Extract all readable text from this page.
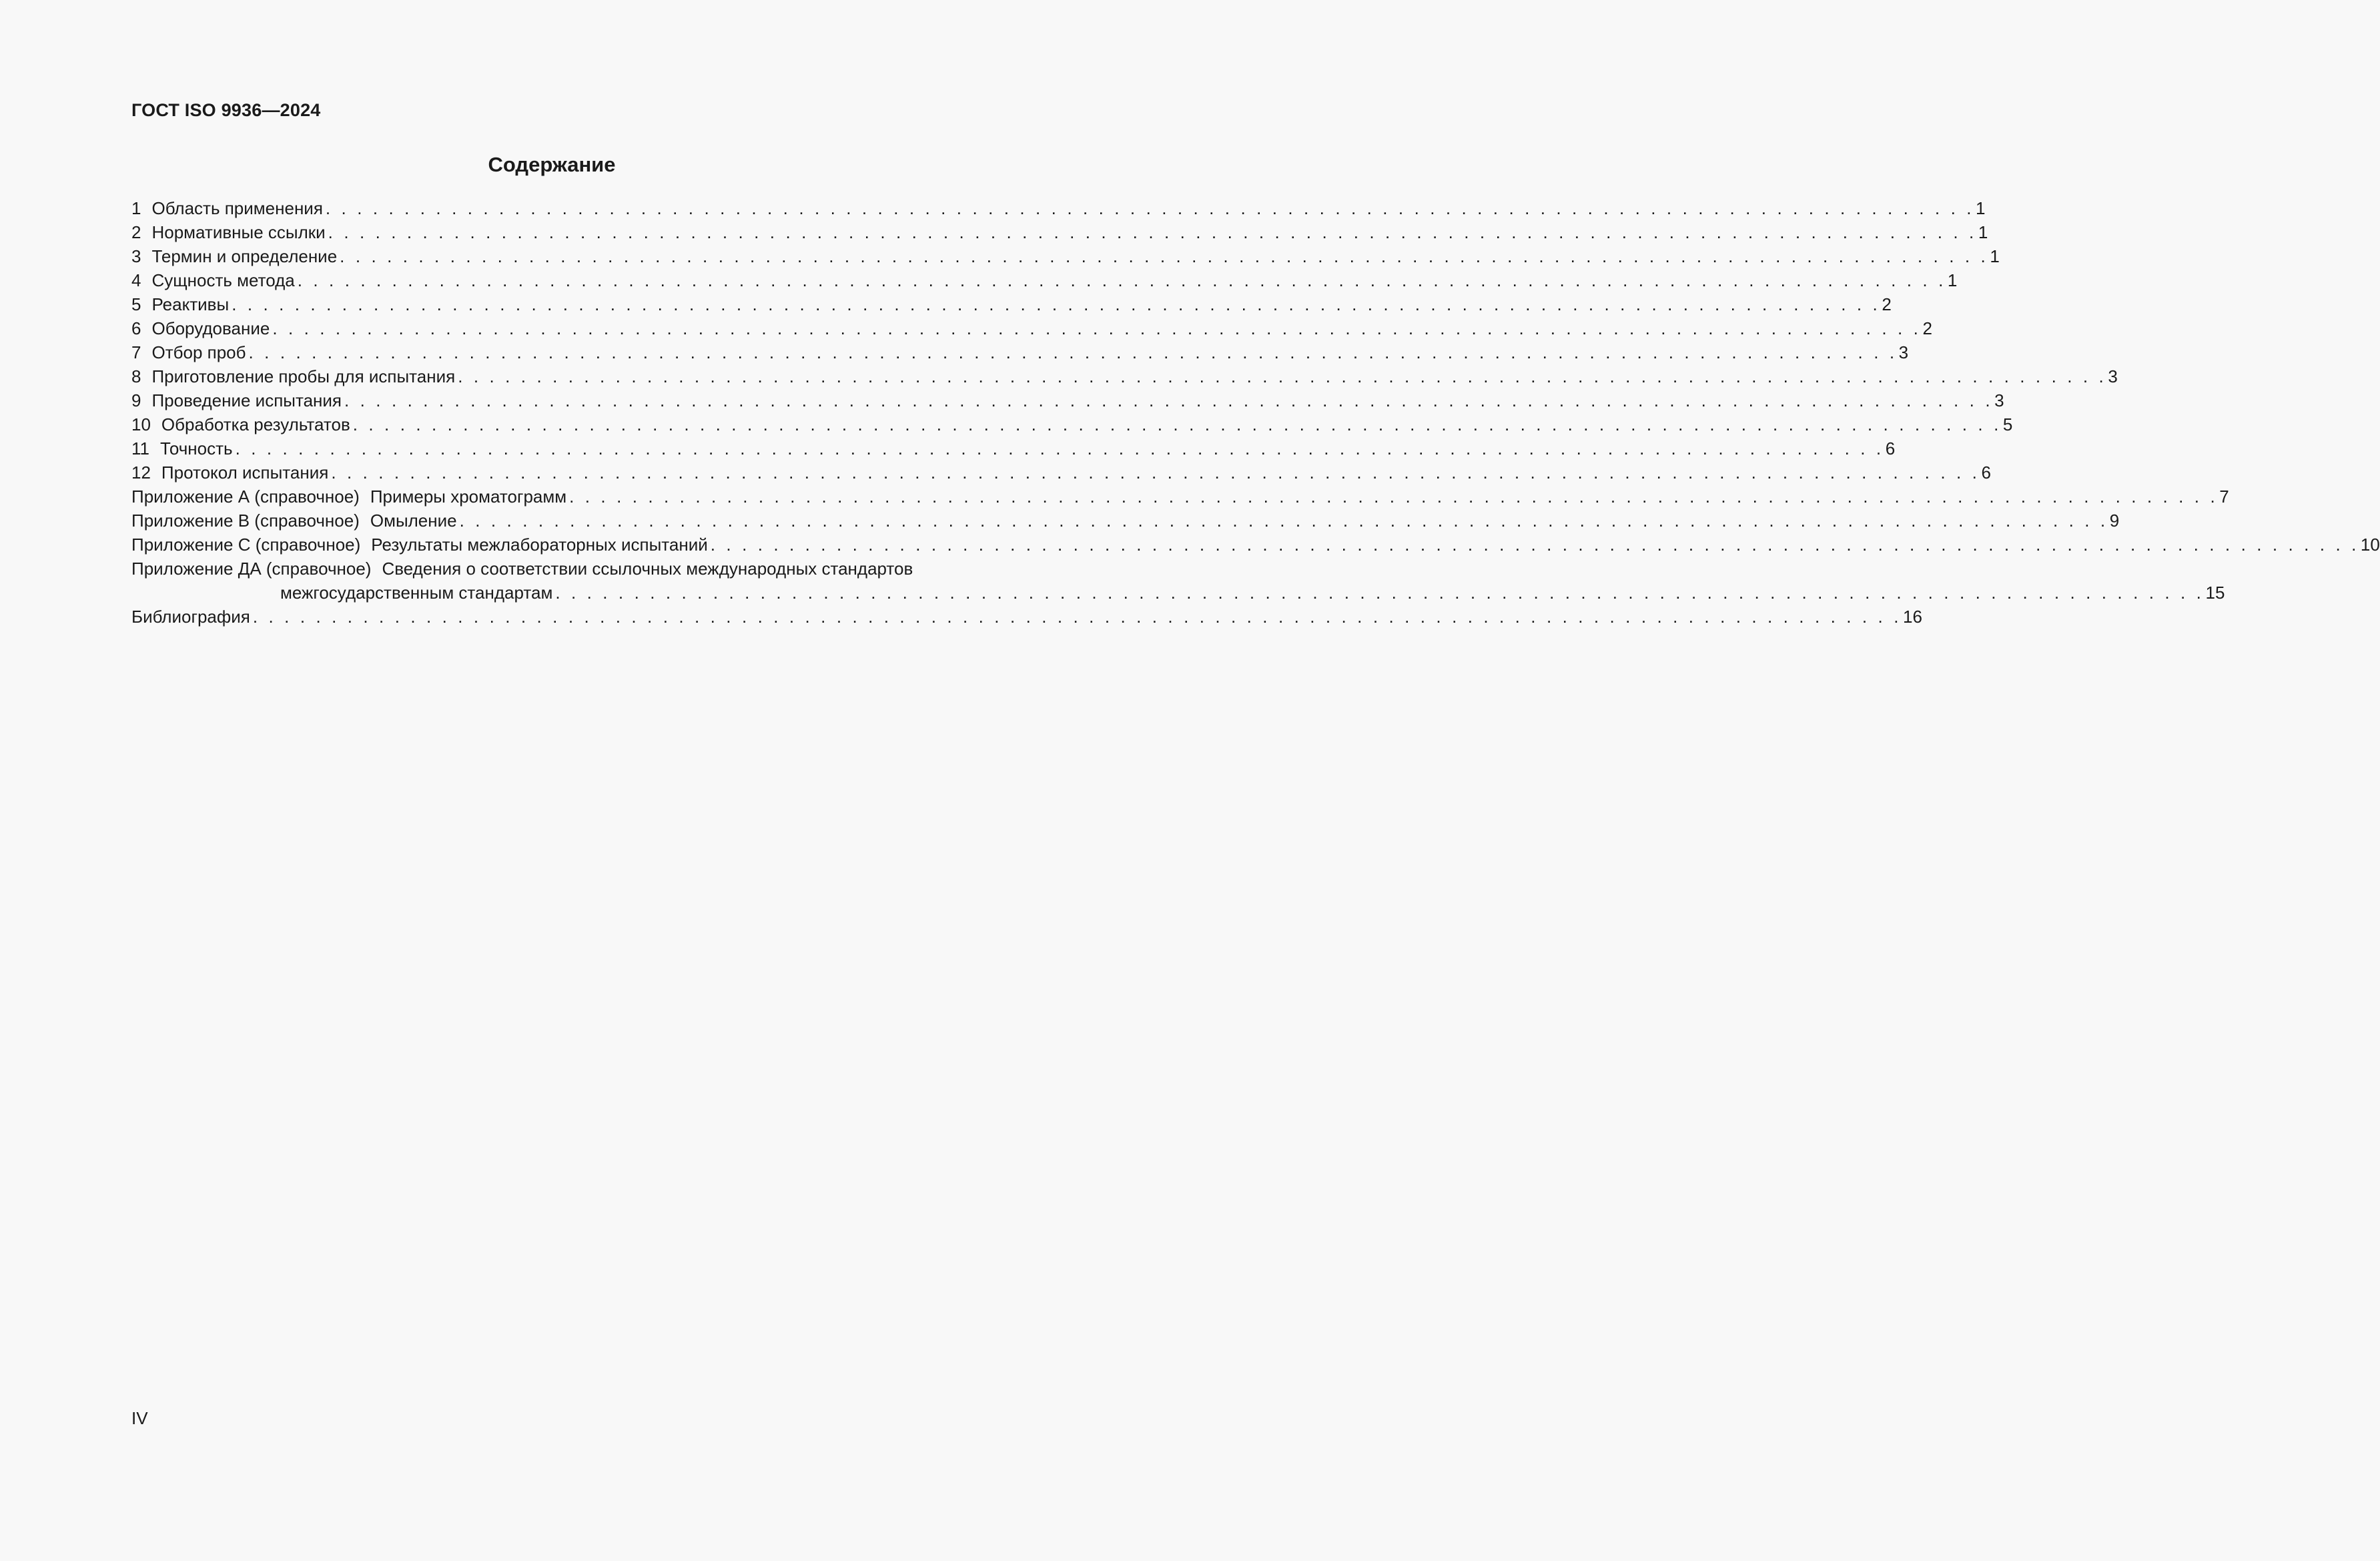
ГОСТ ISO 9936—2024
Содержание
1 Область применения . . . . . . . . . . . . . . . . . . . . . . . . . . . . . . . . . . . . . . . . . . . . . . . . . . . . . . . . . . . . . . . . . . . . . . . . . . . . . . . . . . . . . . . . . . . . . . . . . . . . . . . . . 1
2 Нормативные ссылки . . . . . . . . . . . . . . . . . . . . . . . . . . . . . . . . . . . . . . . . . . . . . . . . . . . . . . . . . . . . . . . . . . . . . . . . . . . . . . . . . . . . . . . . . . . . . . . . . . . . . . . . . 1
3 Термин и определение . . . . . . . . . . . . . . . . . . . . . . . . . . . . . . . . . . . . . . . . . . . . . . . . . . . . . . . . . . . . . . . . . . . . . . . . . . . . . . . . . . . . . . . . . . . . . . . . . . . . . . . . . 1
4 Сущность метода . . . . . . . . . . . . . . . . . . . . . . . . . . . . . . . . . . . . . . . . . . . . . . . . . . . . . . . . . . . . . . . . . . . . . . . . . . . . . . . . . . . . . . . . . . . . . . . . . . . . . . . . . 1
5 Реактивы . . . . . . . . . . . . . . . . . . . . . . . . . . . . . . . . . . . . . . . . . . . . . . . . . . . . . . . . . . . . . . . . . . . . . . . . . . . . . . . . . . . . . . . . . . . . . . . . . . . . . . . . . 2
6 Оборудование . . . . . . . . . . . . . . . . . . . . . . . . . . . . . . . . . . . . . . . . . . . . . . . . . . . . . . . . . . . . . . . . . . . . . . . . . . . . . . . . . . . . . . . . . . . . . . . . . . . . . . . . . 2
7 Отбор проб . . . . . . . . . . . . . . . . . . . . . . . . . . . . . . . . . . . . . . . . . . . . . . . . . . . . . . . . . . . . . . . . . . . . . . . . . . . . . . . . . . . . . . . . . . . . . . . . . . . . . . . . . 3
8 Приготовление пробы для испытания . . . . . . . . . . . . . . . . . . . . . . . . . . . . . . . . . . . . . . . . . . . . . . . . . . . . . . . . . . . . . . . . . . . . . . . . . . . . . . . . . . . . . . . . . . . . . . . . . . . . . . . . . 3
9 Проведение испытания . . . . . . . . . . . . . . . . . . . . . . . . . . . . . . . . . . . . . . . . . . . . . . . . . . . . . . . . . . . . . . . . . . . . . . . . . . . . . . . . . . . . . . . . . . . . . . . . . . . . . . . . . 3
10 Обработка результатов . . . . . . . . . . . . . . . . . . . . . . . . . . . . . . . . . . . . . . . . . . . . . . . . . . . . . . . . . . . . . . . . . . . . . . . . . . . . . . . . . . . . . . . . . . . . . . . . . . . . . . . . . 5
11 Точность . . . . . . . . . . . . . . . . . . . . . . . . . . . . . . . . . . . . . . . . . . . . . . . . . . . . . . . . . . . . . . . . . . . . . . . . . . . . . . . . . . . . . . . . . . . . . . . . . . . . . . . . . 6
12 Протокол испытания . . . . . . . . . . . . . . . . . . . . . . . . . . . . . . . . . . . . . . . . . . . . . . . . . . . . . . . . . . . . . . . . . . . . . . . . . . . . . . . . . . . . . . . . . . . . . . . . . . . . . . . . . 6
Приложение А (справочное) Примеры хроматограмм . . . . . . . . . . . . . . . . . . . . . . . . . . . . . . . . . . . . . . . . . . . . . . . . . . . . . . . . . . . . . . . . . . . . . . . . . . . . . . . . . . . . . . . . . . . . . . . . . . . . . . . . . 7
Приложение В (справочное) Омыление . . . . . . . . . . . . . . . . . . . . . . . . . . . . . . . . . . . . . . . . . . . . . . . . . . . . . . . . . . . . . . . . . . . . . . . . . . . . . . . . . . . . . . . . . . . . . . . . . . . . . . . . . 9
Приложение С (справочное) Результаты межлабораторных испытаний . . . . . . . . . . . . . . . . . . . . . . . . . . . . . . . . . . . . . . . . . . . . . . . . . . . . . . . . . . . . . . . . . . . . . . . . . . . . . . . . . . . . . . . . . . . . . . . . . . . . . . . . . 10
Приложение ДА (справочное) Сведения о соответствии ссылочных международных стандартов
межгосударственным стандартам . . . . . . . . . . . . . . . . . . . . . . . . . . . . . . . . . . . . . . . . . . . . . . . . . . . . . . . . . . . . . . . . . . . . . . . . . . . . . . . . . . . . . . . . . . . . . . . . . . . . . . . . . 15
Библиография . . . . . . . . . . . . . . . . . . . . . . . . . . . . . . . . . . . . . . . . . . . . . . . . . . . . . . . . . . . . . . . . . . . . . . . . . . . . . . . . . . . . . . . . . . . . . . . . . . . . . . . . . 16
IV
